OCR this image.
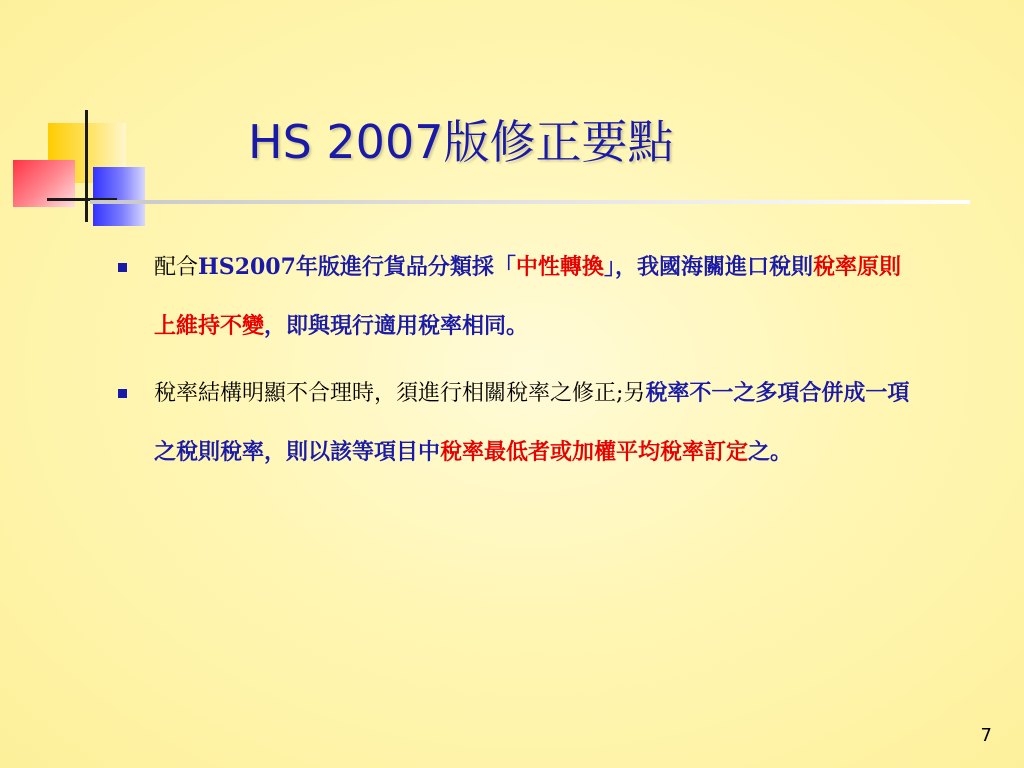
HS 2007版修正要點
配合HS2007年版進行貨品分類採「中性轉換」，我國海關進口稅則稅率原則上維持不變，即與現行適用稅率相同。
稅率結構明顯不合理時，須進行相關稅率之修正;另稅率不一之多項合併成一項之稅則稅率，則以該等項目中稅率最低者或加權平均稅率訂定之。
7
